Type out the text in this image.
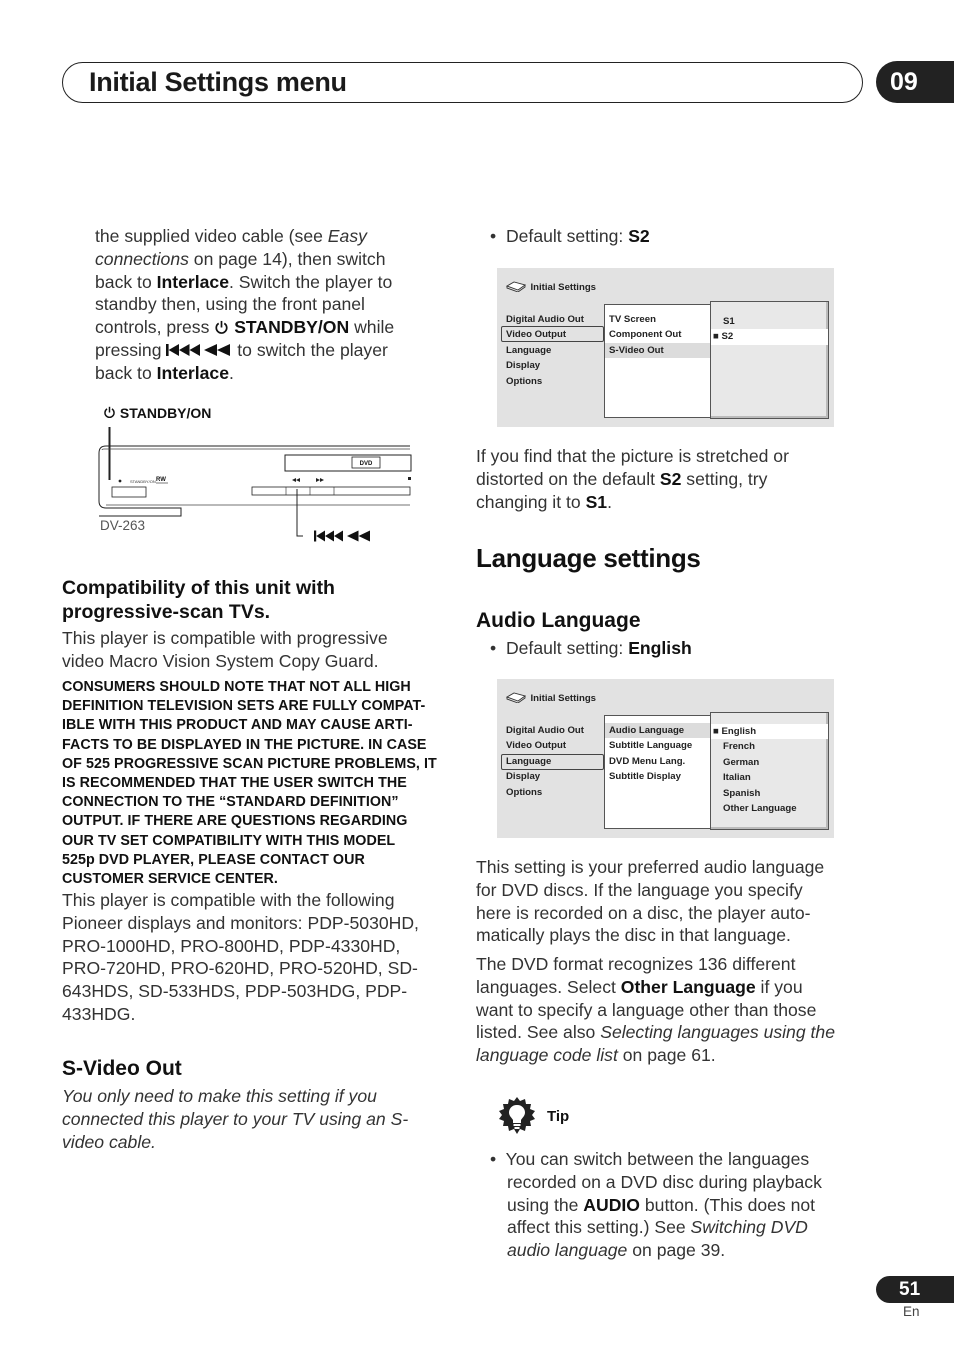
Initial Settings menu	09
the supplied video cable (see Easy
connections on page 14), then switch
back to Interlace. Switch the player to
standby then, using the front panel
controls, press  STANDBY/ON while
pressing	to switch the player
back to Interlace.
STANDBY/ON
DVD
STANDBY/ON RW
DV-263
Compatibility of this unit with
progressive-scan TVs.
This player is compatible with progressive
video Macro Vision System Copy Guard.
CONSUMERS SHOULD NOTE THAT NOT ALL HIGH
DEFINITION TELEVISION SETS ARE FULLY COMPAT-
IBLE WITH THIS PRODUCT AND MAY CAUSE ARTI-
FACTS TO BE DISPLAYED IN THE PICTURE. IN CASE
OF 525 PROGRESSIVE SCAN PICTURE PROBLEMS, IT
IS RECOMMENDED THAT THE USER SWITCH THE
CONNECTION TO THE “STANDARD DEFINITION”
OUTPUT. IF THERE ARE QUESTIONS REGARDING
OUR TV SET COMPATIBILITY WITH THIS MODEL
525p DVD PLAYER, PLEASE CONTACT OUR
CUSTOMER SERVICE CENTER.
This player is compatible with the following
Pioneer displays and monitors: PDP-5030HD,
PRO-1000HD, PRO-800HD, PDP-4330HD,
PRO-720HD, PRO-620HD, PRO-520HD, SD-
643HDS, SD-533HDS, PDP-503HDG, PDP-
433HDG.
S-Video Out
You only need to make this setting if you
connected this player to your TV using an S-
video cable.
•  Default setting: S2
Initial Settings
Digital Audio Out
Video Output
Language
Display
Options
TV Screen
Component Out
S-Video Out
S1
■ S2
If you find that the picture is stretched or
distorted on the default S2 setting, try
changing it to S1.
Language settings
Audio Language
•  Default setting: English
Initial Settings
Digital Audio Out
Video Output
Language
Display
Options
Audio Language
Subtitle Language
DVD Menu Lang.
Subtitle Display
■ English
French
German
Italian
Spanish
Other Language
This setting is your preferred audio language
for DVD discs. If the language you specify
here is recorded on a disc, the player auto-
matically plays the disc in that language.
The DVD format recognizes 136 different
languages. Select Other Language if you
want to specify a language other than those
listed. See also Selecting languages using the
language code list on page 61.
Tip
•  You can switch between the languages
recorded on a DVD disc during playback
using the AUDIO button. (This does not
affect this setting.) See Switching DVD
audio language on page 39.
51
En
